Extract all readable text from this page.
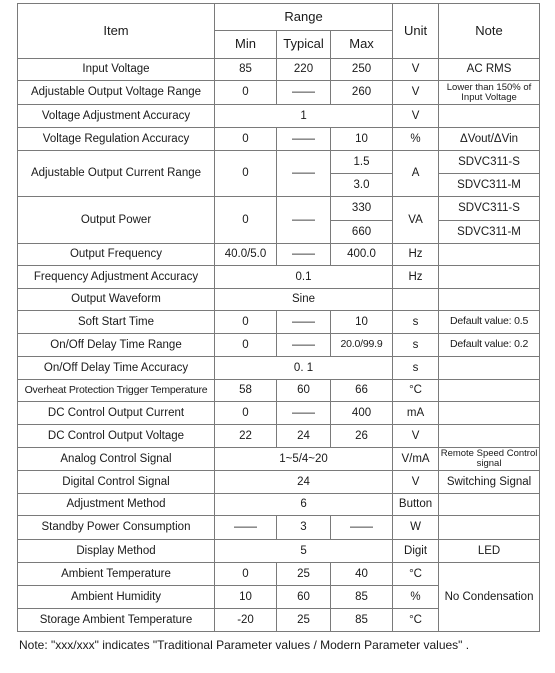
Item	Range			Unit	Note
	Min	Typical	Max		
Input Voltage	85	220	250	V	AC RMS
Adjustable Output Voltage Range	0	——	260	V	Lower than 150% of Input Voltage
Voltage Adjustment Accuracy	1			V	
Voltage Regulation Accuracy	0	——	10	%	ΔVout/ΔVin
Adjustable Output Current Range	0	——	1.5	A	SDVC311-S
			3.0		SDVC311-M
Output Power	0	——	330	VA	SDVC311-S
			660		SDVC311-M
Output Frequency	40.0/5.0	——	400.0	Hz	
Frequency Adjustment Accuracy	0.1			Hz	
Output Waveform	Sine				
Soft Start Time	0	——	10	s	Default value: 0.5
On/Off Delay Time Range	0	——	20.0/99.9	s	Default value: 0.2
On/Off Delay Time Accuracy	0. 1			s	
Overheat Protection Trigger Temperature	58	60	66	°C	
DC Control Output Current	0	——	400	mA	
DC Control Output Voltage	22	24	26	V	
Analog Control Signal	1~5/4~20			V/mA	Remote Speed Control signal
Digital Control Signal	24			V	Switching Signal
Adjustment Method	6			Button	
Standby Power Consumption	——	3	——	W	
Display Method	5			Digit	LED
Ambient Temperature	0	25	40	°C	No Condensation
Ambient Humidity	10	60	85	%	
Storage Ambient Temperature	-20	25	85	°C	
Note: "xxx/xxx" indicates "Traditional Parameter values / Modern Parameter values" .
